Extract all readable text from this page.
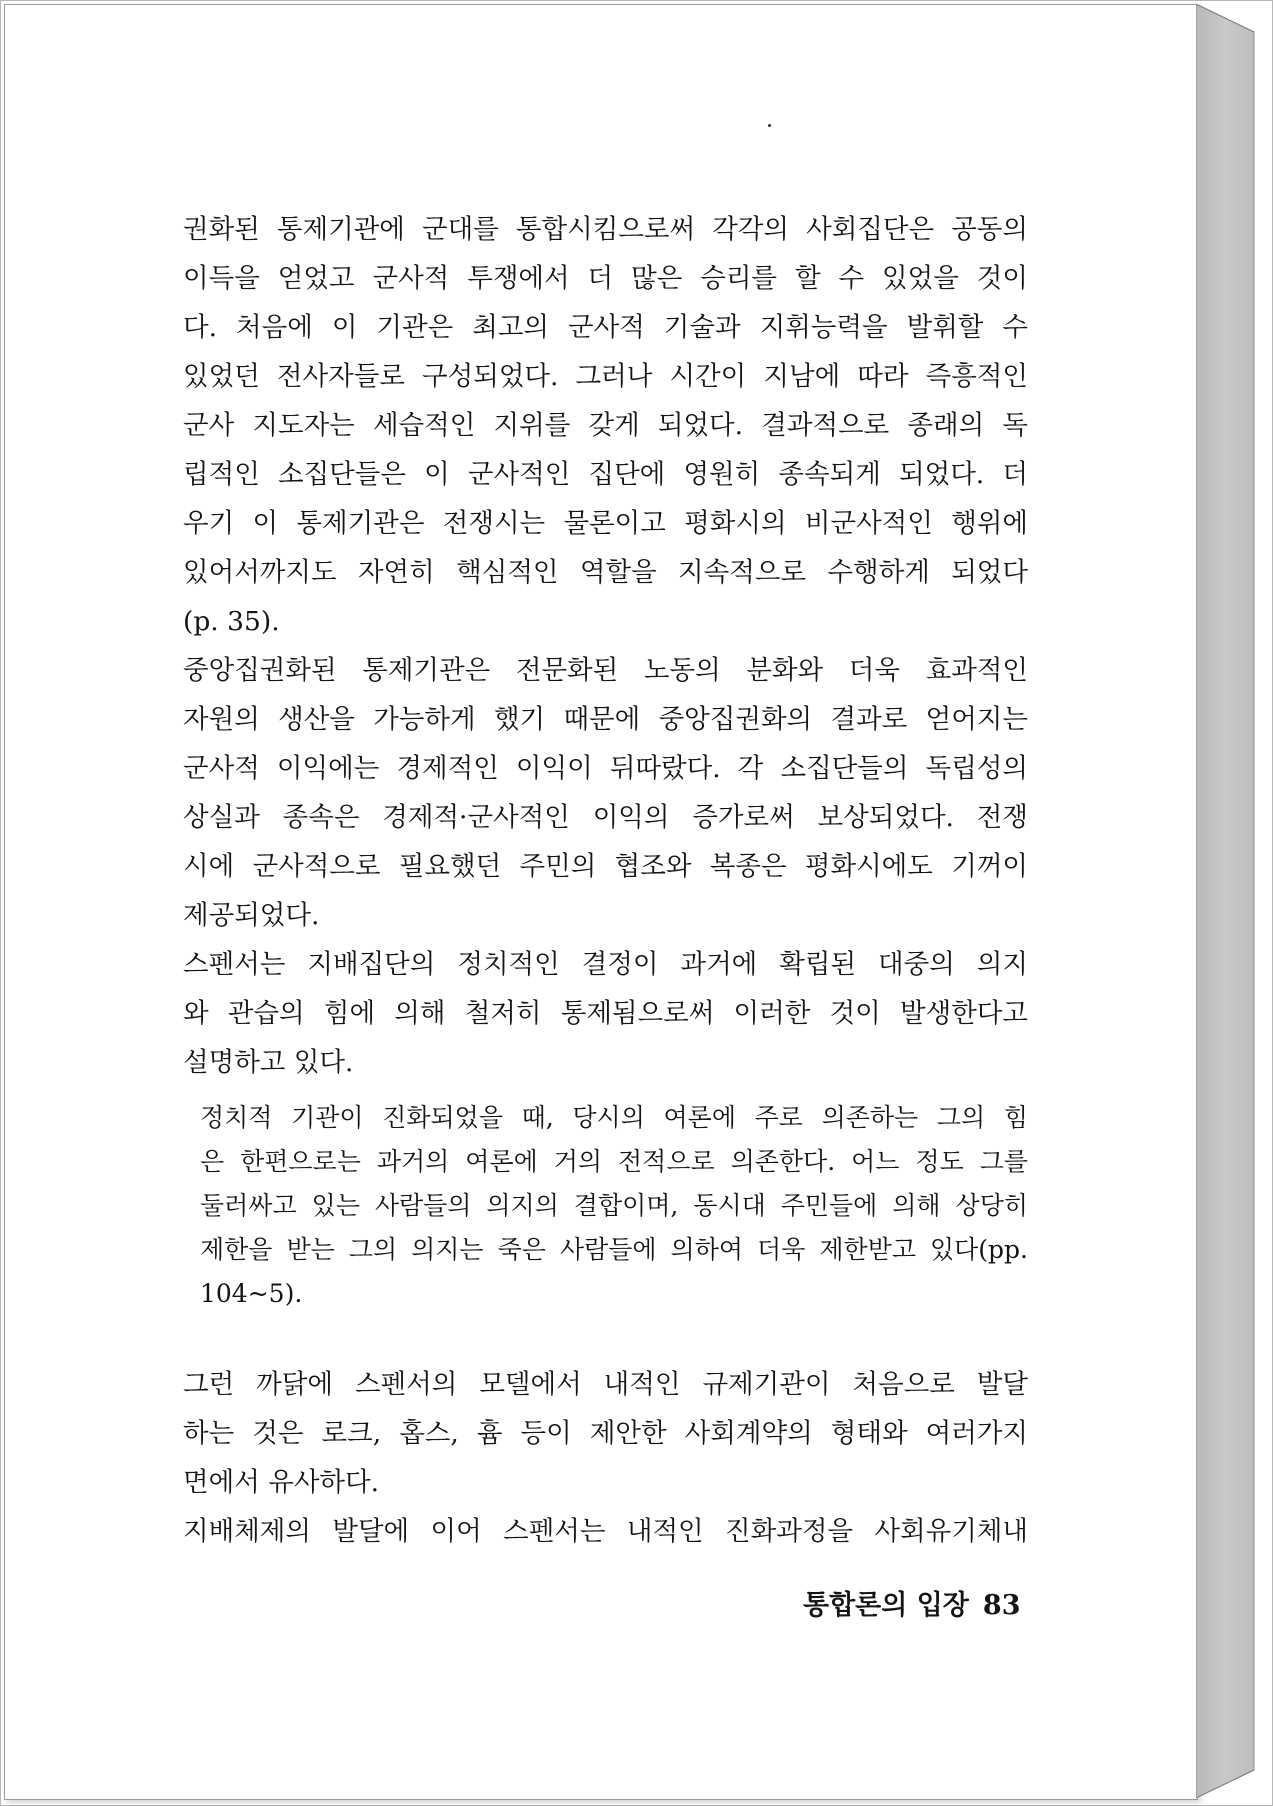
권화된 통제기관에 군대를 통합시킴으로써 각각의 사회집단은 공동의
이득을 얻었고 군사적 투쟁에서 더 많은 승리를 할 수 있었을 것이
다. 처음에 이 기관은 최고의 군사적 기술과 지휘능력을 발휘할 수
있었던 전사자들로 구성되었다. 그러나 시간이 지남에 따라 즉흥적인
군사 지도자는 세습적인 지위를 갖게 되었다. 결과적으로 종래의 독
립적인 소집단들은 이 군사적인 집단에 영원히 종속되게 되었다. 더
우기 이 통제기관은 전쟁시는 물론이고 평화시의 비군사적인 행위에
있어서까지도 자연히 핵심적인 역할을 지속적으로 수행하게 되었다
(p. 35).
중앙집권화된 통제기관은 전문화된 노동의 분화와 더욱 효과적인
자원의 생산을 가능하게 했기 때문에 중앙집권화의 결과로 얻어지는
군사적 이익에는 경제적인 이익이 뒤따랐다. 각 소집단들의 독립성의
상실과 종속은 경제적·군사적인 이익의 증가로써 보상되었다. 전쟁
시에 군사적으로 필요했던 주민의 협조와 복종은 평화시에도 기꺼이
제공되었다.
스펜서는 지배집단의 정치적인 결정이 과거에 확립된 대중의 의지
와 관습의 힘에 의해 철저히 통제됨으로써 이러한 것이 발생한다고
설명하고 있다.
정치적 기관이 진화되었을 때, 당시의 여론에 주로 의존하는 그의 힘
은 한편으로는 과거의 여론에 거의 전적으로 의존한다. 어느 정도 그를
둘러싸고 있는 사람들의 의지의 결합이며, 동시대 주민들에 의해 상당히
제한을 받는 그의 의지는 죽은 사람들에 의하여 더욱 제한받고 있다(pp.
104~5).
그런 까닭에 스펜서의 모델에서 내적인 규제기관이 처음으로 발달
하는 것은 로크, 홉스, 흄 등이 제안한 사회계약의 형태와 여러가지
면에서 유사하다.
지배체제의 발달에 이어 스펜서는 내적인 진화과정을 사회유기체내
통합론의 입장 83
